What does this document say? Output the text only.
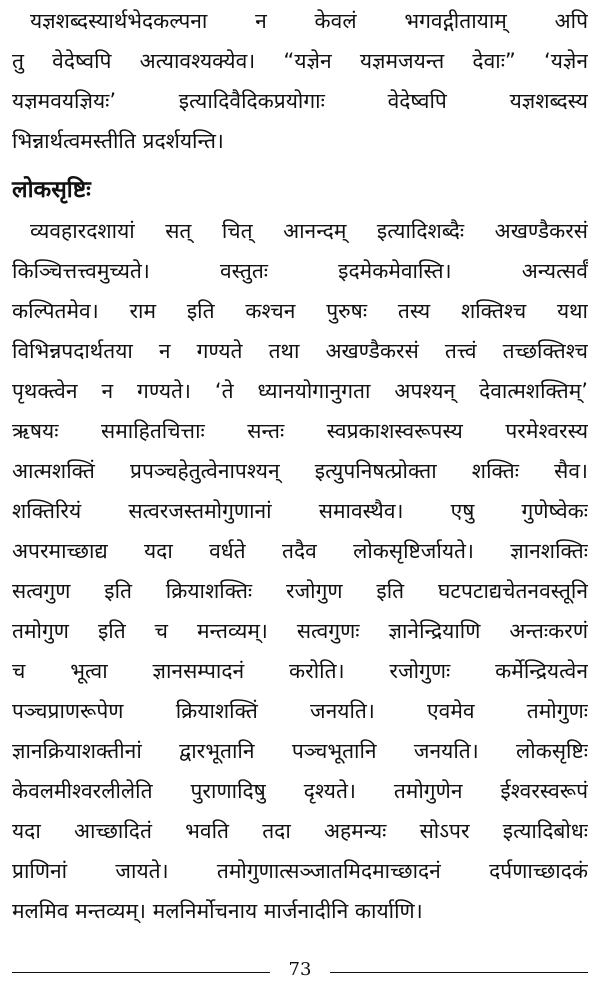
यज्ञशब्दस्यार्थभेदकल्पना न केवलं भगवद्गीतायाम् अपि
तु वेदेष्वपि अत्यावश्यक्येव। “यज्ञेन यज्ञमजयन्त देवाः” ‘यज्ञेन
यज्ञमवयज्ञियः’ इत्यादिवैदिकप्रयोगाः वेदेष्वपि यज्ञशब्दस्य
भिन्नार्थत्वमस्तीति प्रदर्शयन्ति।
लोकसृष्टिः
व्यवहारदशायां सत् चित् आनन्दम् इत्यादिशब्दैः अखण्डैकरसं
किञ्चित्तत्त्वमुच्यते। वस्तुतः इदमेकमेवास्ति। अन्यत्सर्वं
कल्पितमेव। राम इति कश्चन पुरुषः तस्य शक्तिश्च यथा
विभिन्नपदार्थतया न गण्यते तथा अखण्डैकरसं तत्त्वं तच्छक्तिश्च
पृथक्त्वेन न गण्यते। ‘ते ध्यानयोगानुगता अपश्यन् देवात्मशक्तिम्’
ऋषयः समाहितचित्ताः सन्तः स्वप्रकाशस्वरूपस्य परमेश्वरस्य
आत्मशक्तिं प्रपञ्चहेतुत्वेनापश्यन् इत्युपनिषत्प्रोक्ता शक्तिः सैव।
शक्तिरियं सत्वरजस्तमोगुणानां समावस्थैव। एषु गुणेष्वेकः
अपरमाच्छाद्य यदा वर्धते तदैव लोकसृष्टिर्जायते। ज्ञानशक्तिः
सत्वगुण इति क्रियाशक्तिः रजोगुण इति घटपटाद्यचेतनवस्तूनि
तमोगुण इति च मन्तव्यम्। सत्वगुणः ज्ञानेन्द्रियाणि अन्तःकरणं
च भूत्वा ज्ञानसम्पादनं करोति। रजोगुणः कर्मेन्द्रियत्वेन
पञ्चप्राणरूपेण क्रियाशक्तिं जनयति। एवमेव तमोगुणः
ज्ञानक्रियाशक्तीनां द्वारभूतानि पञ्चभूतानि जनयति। लोकसृष्टिः
केवलमीश्वरलीलेति पुराणादिषु दृश्यते। तमोगुणेन ईश्वरस्वरूपं
यदा आच्छादितं भवति तदा अहमन्यः सोऽपर इत्यादिबोधः
प्राणिनां जायते। तमोगुणात्सञ्जातमिदमाच्छादनं दर्पणाच्छादकं
मलमिव मन्तव्यम्। मलनिर्मोचनाय मार्जनादीनि कार्याणि।
73
